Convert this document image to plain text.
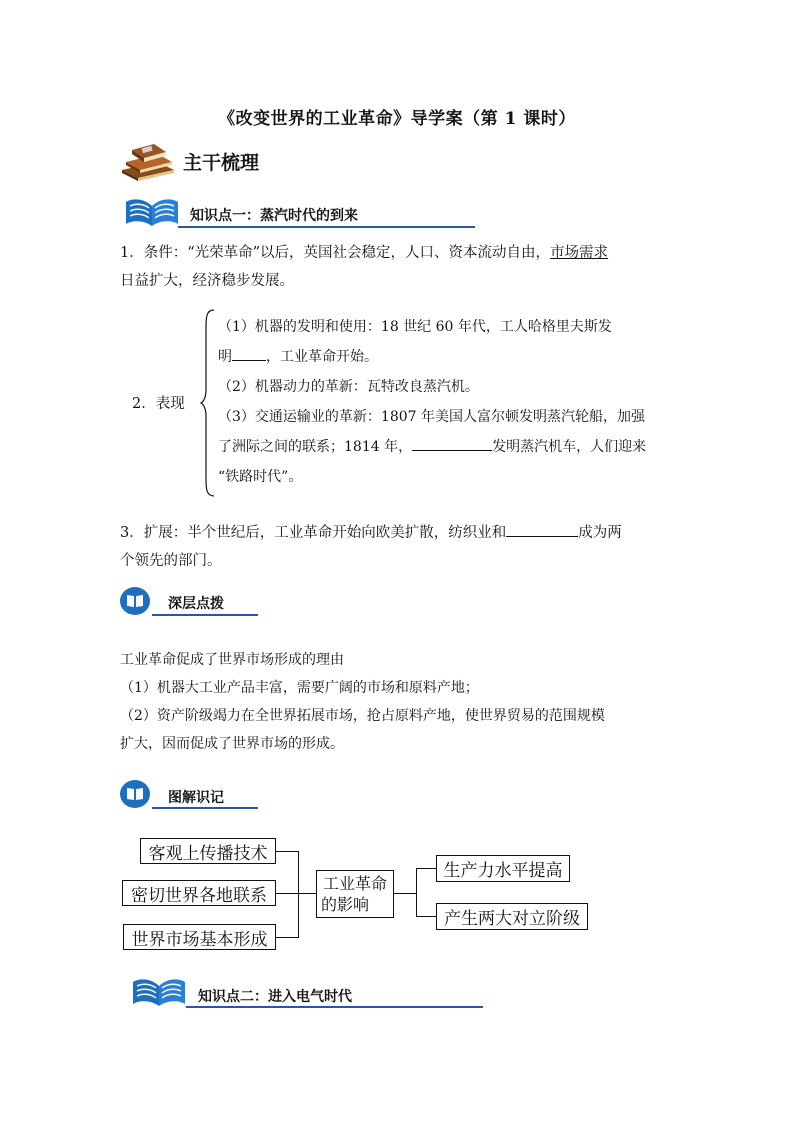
《改变世界的工业革命》导学案（第 1 课时）
主干梳理
知识点一：蒸汽时代的到来
1．条件：“光荣革命”以后，英国社会稳定，人口、资本流动自由，市场需求
日益扩大，经济稳步发展。
2．表现
（1）机器的发明和使用：18 世纪 60 年代，工人哈格里夫斯发
明 ，工业革命开始。
（2）机器动力的革新：瓦特改良蒸汽机。
（3）交通运输业的革新：1807 年美国人富尔顿发明蒸汽轮船，加强
了洲际之间的联系；1814 年，	发明蒸汽机车，人们迎来
“铁路时代”。
3．扩展：半个世纪后，工业革命开始向欧美扩散，纺织业和	成为两
个领先的部门。
深层点拨
工业革命促成了世界市场形成的理由
（1）机器大工业产品丰富，需要广阔的市场和原料产地；
（2）资产阶级竭力在全世界拓展市场，抢占原料产地，使世界贸易的范围规模
扩大，因而促成了世界市场的形成。
图解识记
客观上传播技术
密切世界各地联系
世界市场基本形成
工业革命
的影响
生产力水平提高
产生两大对立阶级
知识点二：进入电气时代
